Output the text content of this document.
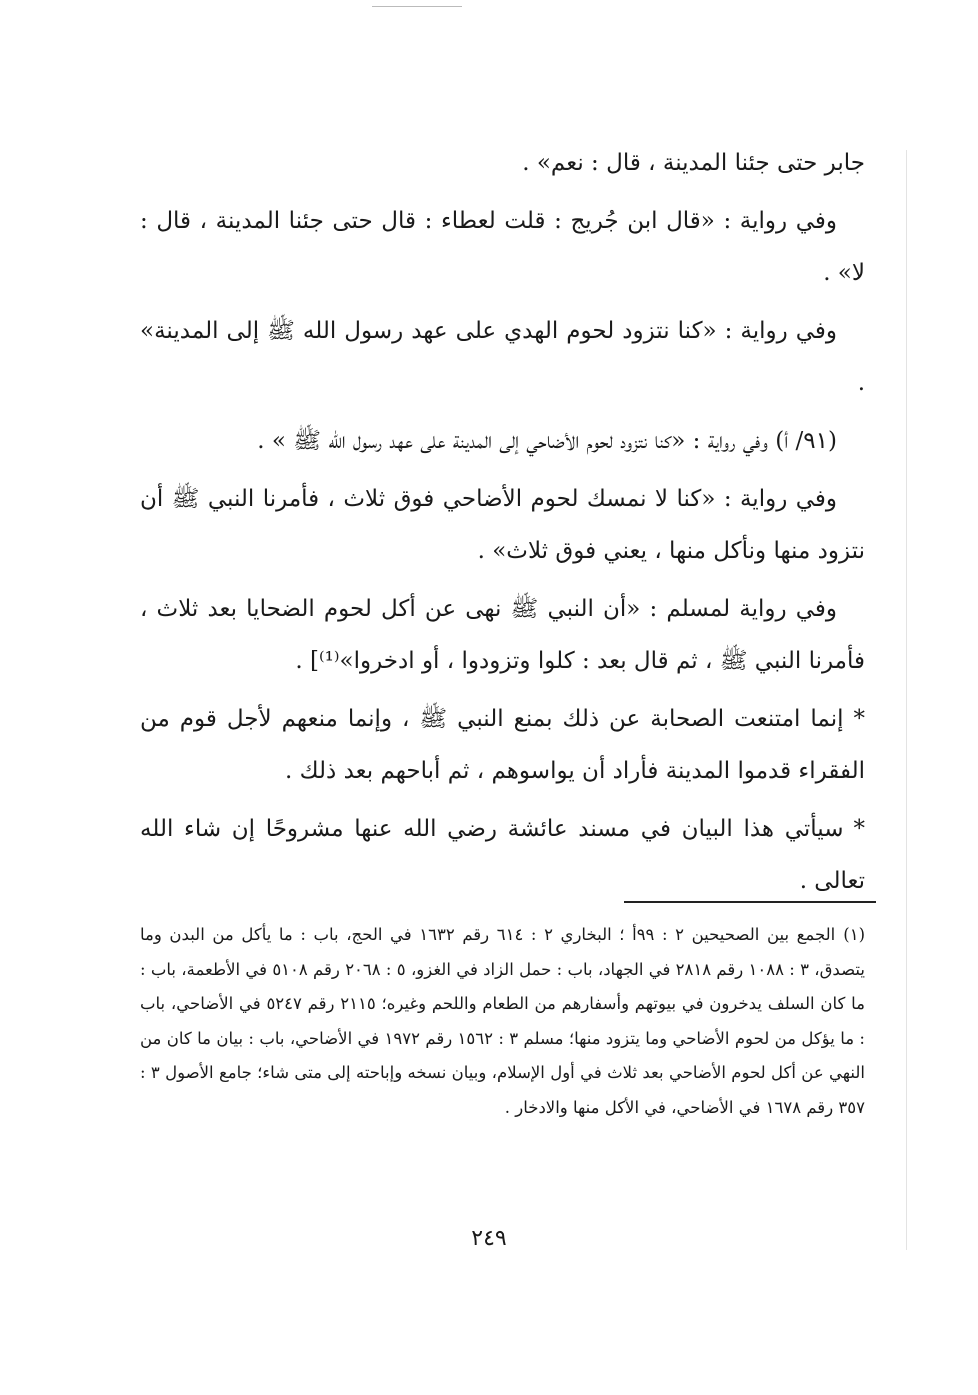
جابر حتى جئنا المدينة ، قال : نعم» .

وفي رواية : «قال ابن جُريج : قلت لعطاء : قال حتى جئنا المدينة ، قال : لا» .

وفي رواية : «كنا نتزود لحوم الهدي على عهد رسول الله ﷺ إلى المدينة» .

(٩١/ أ) وفي رواية : «كنا نتزود لحوم الأضاحي إلى المدينة على عهد رسول الله ﷺ » .

وفي رواية : «كنا لا نمسك لحوم الأضاحي فوق ثلاث ، فأمرنا النبي ﷺ أن نتزود منها ونأكل منها ، يعني فوق ثلاث» .

وفي رواية لمسلم : «أن النبي ﷺ نهى عن أكل لحوم الضحايا بعد ثلاث ، فأمرنا النبي ﷺ ، ثم قال بعد : كلوا وتزودوا ، أو ادخروا»⁽¹⁾] .

*إنما امتنعت الصحابة عن ذلك بمنع النبي ﷺ ، وإنما منعهم لأجل قوم من الفقراء قدموا المدينة فأراد أن يواسوهم ، ثم أباحهم بعد ذلك .

*سيأتي هذا البيان في مسند عائشة رضي الله عنها مشروحًا إن شاء الله تعالى .

(١)الجمع بين الصحيحين ٢ : ٩٩أ ؛ البخاري ٢ : ٦١٤ رقم ١٦٣٢ في الحج، باب : ما يأكل من البدن وما يتصدق، ٣ : ١٠٨٨ رقم ٢٨١٨ في الجهاد، باب : حمل الزاد في الغزو، ٥ : ٢٠٦٨ رقم ٥١٠٨ في الأطعمة، باب : ما كان السلف يدخرون في بيوتهم وأسفارهم من الطعام واللحم وغيره؛ ٢١١٥ رقم ٥٢٤٧ في الأضاحي، باب : ما يؤكل من لحوم الأضاحي وما يتزود منها؛ مسلم ٣ : ١٥٦٢ رقم ١٩٧٢ في الأضاحي، باب : بيان ما كان من النهي عن أكل لحوم الأضاحي بعد ثلاث في أول الإسلام، وبيان نسخه وإباحته إلى متى شاء؛ جامع الأصول ٣ : ٣٥٧ رقم ١٦٧٨ في الأضاحي، في الأكل منها والادخار .
٢٤٩
